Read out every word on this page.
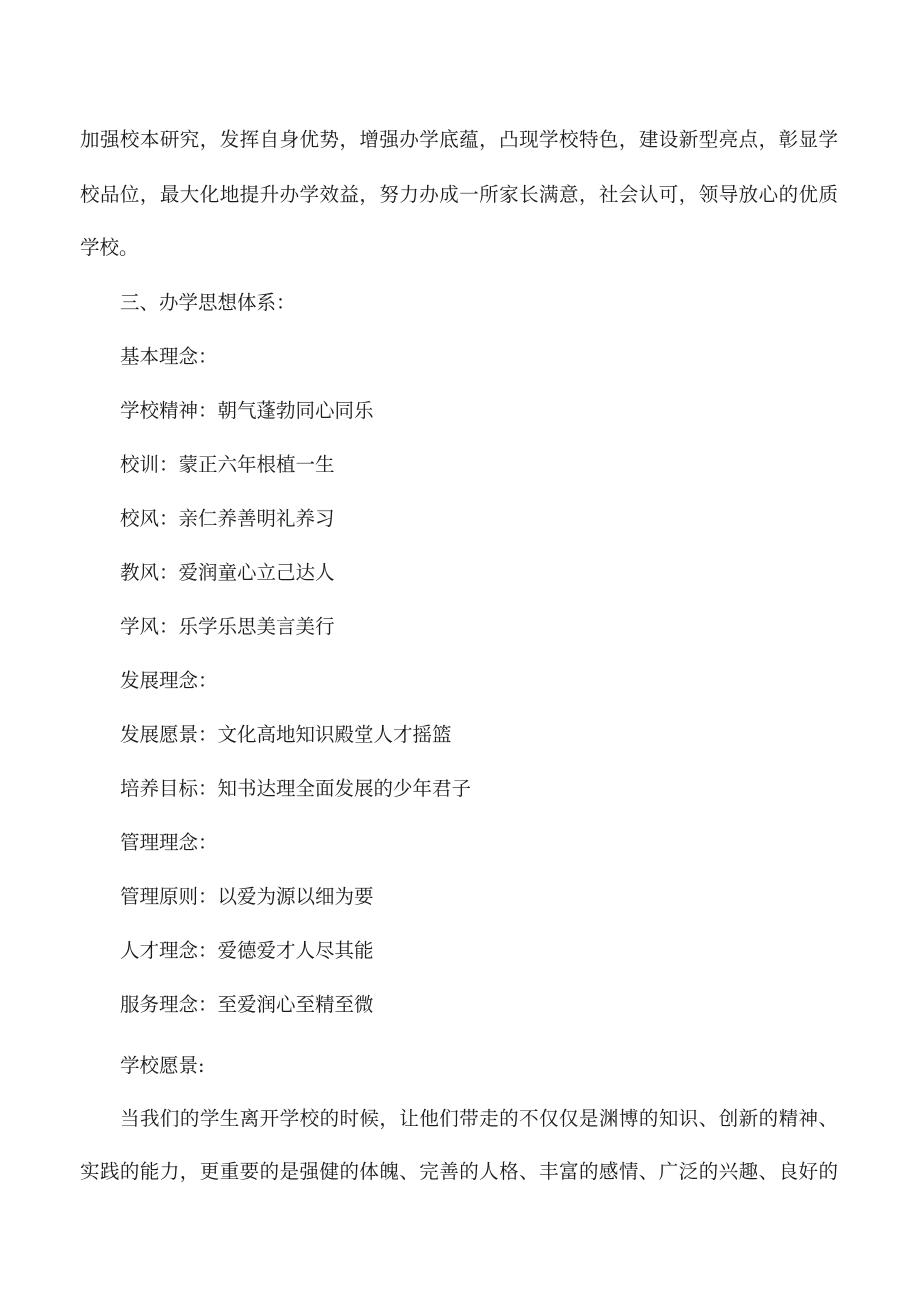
加强校本研究，发挥自身优势，增强办学底蕴，凸现学校特色，建设新型亮点，彰显学

校品位，最大化地提升办学效益，努力办成一所家长满意，社会认可，领导放心的优质

学校。

三、办学思想体系：

基本理念：

学校精神：朝气蓬勃同心同乐

校训：蒙正六年根植一生

校风：亲仁养善明礼养习

教风：爱润童心立己达人

学风：乐学乐思美言美行

发展理念：

发展愿景：文化高地知识殿堂人才摇篮

培养目标：知书达理全面发展的少年君子

管理理念：

管理原则：以爱为源以细为要

人才理念：爱德爱才人尽其能

服务理念：至爱润心至精至微

学校愿景:

当我们的学生离开学校的时候，让他们带走的不仅仅是渊博的知识、创新的精神、

实践的能力，更重要的是强健的体魄、完善的人格、丰富的感情、广泛的兴趣、良好的
